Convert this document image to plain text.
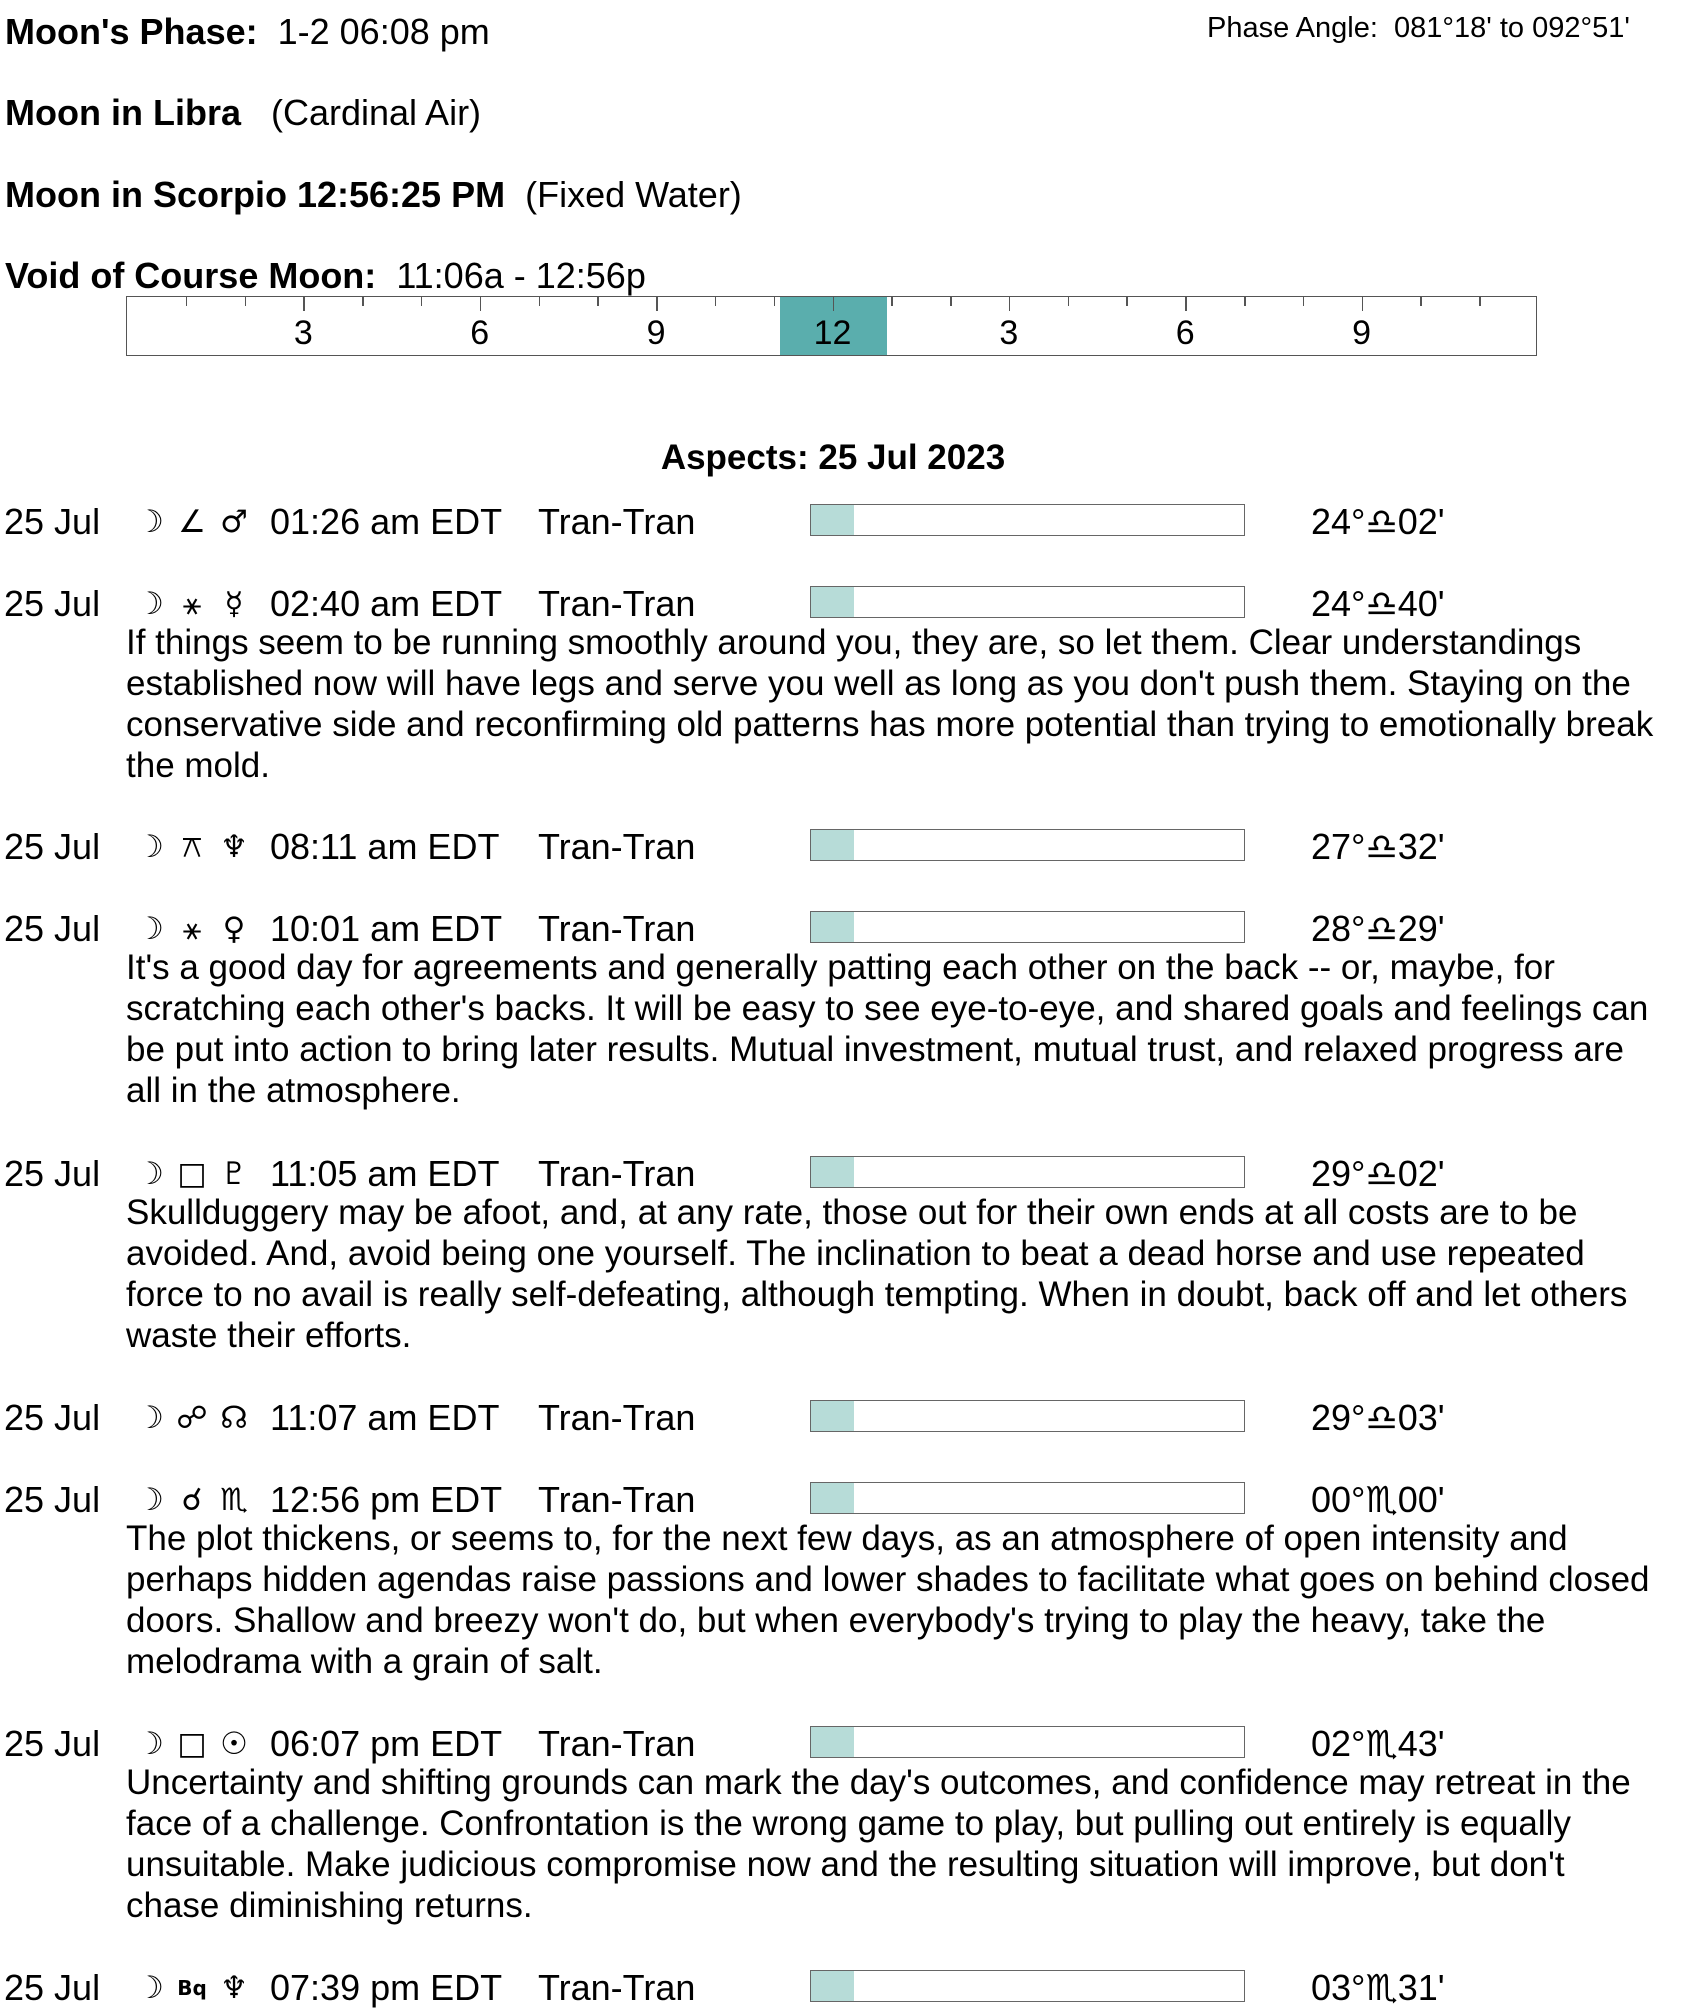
Moon's Phase: 1-2 06:08 pm	Phase Angle: 081°18' to 092°51'
Moon in Libra (Cardinal Air)
Moon in Scorpio 12:56:25 PM (Fixed Water)
Void of Course Moon: 11:06a - 12:56p
3	6	9	12	3	6	9
Aspects: 25 Jul 2023
25 Jul ☽ ∠ ♂ 01:26 am EDT Tran-Tran	24°♎02'
25 Jul ☽ ⚹ ☿ 02:40 am EDT Tran-Tran	24°♎40'
If things seem to be running smoothly around you, they are, so let them. Clear understandings established now will have legs and serve you well as long as you don't push them. Staying on the conservative side and reconfirming old patterns has more potential than trying to emotionally break the mold.
25 Jul ☽ ⚻ ♆ 08:11 am EDT Tran-Tran	27°♎32'
25 Jul ☽ ⚹ ♀ 10:01 am EDT Tran-Tran	28°♎29'
It's a good day for agreements and generally patting each other on the back -- or, maybe, for scratching each other's backs. It will be easy to see eye-to-eye, and shared goals and feelings can be put into action to bring later results. Mutual investment, mutual trust, and relaxed progress are all in the atmosphere.
25 Jul ☽ □ ♇ 11:05 am EDT Tran-Tran	29°♎02'
Skullduggery may be afoot, and, at any rate, those out for their own ends at all costs are to be avoided. And, avoid being one yourself. The inclination to beat a dead horse and use repeated force to no avail is really self-defeating, although tempting. When in doubt, back off and let others waste their efforts.
25 Jul ☽ ☍ ☊ 11:07 am EDT Tran-Tran	29°♎03'
25 Jul ☽ ☌ ♏ 12:56 pm EDT Tran-Tran	00°♏00'
The plot thickens, or seems to, for the next few days, as an atmosphere of open intensity and perhaps hidden agendas raise passions and lower shades to facilitate what goes on behind closed doors. Shallow and breezy won't do, but when everybody's trying to play the heavy, take the melodrama with a grain of salt.
25 Jul ☽ □ ☉ 06:07 pm EDT Tran-Tran	02°♏43'
Uncertainty and shifting grounds can mark the day's outcomes, and confidence may retreat in the face of a challenge. Confrontation is the wrong game to play, but pulling out entirely is equally unsuitable. Make judicious compromise now and the resulting situation will improve, but don't chase diminishing returns.
25 Jul ☽ Bq ♆ 07:39 pm EDT Tran-Tran	03°♏31'
